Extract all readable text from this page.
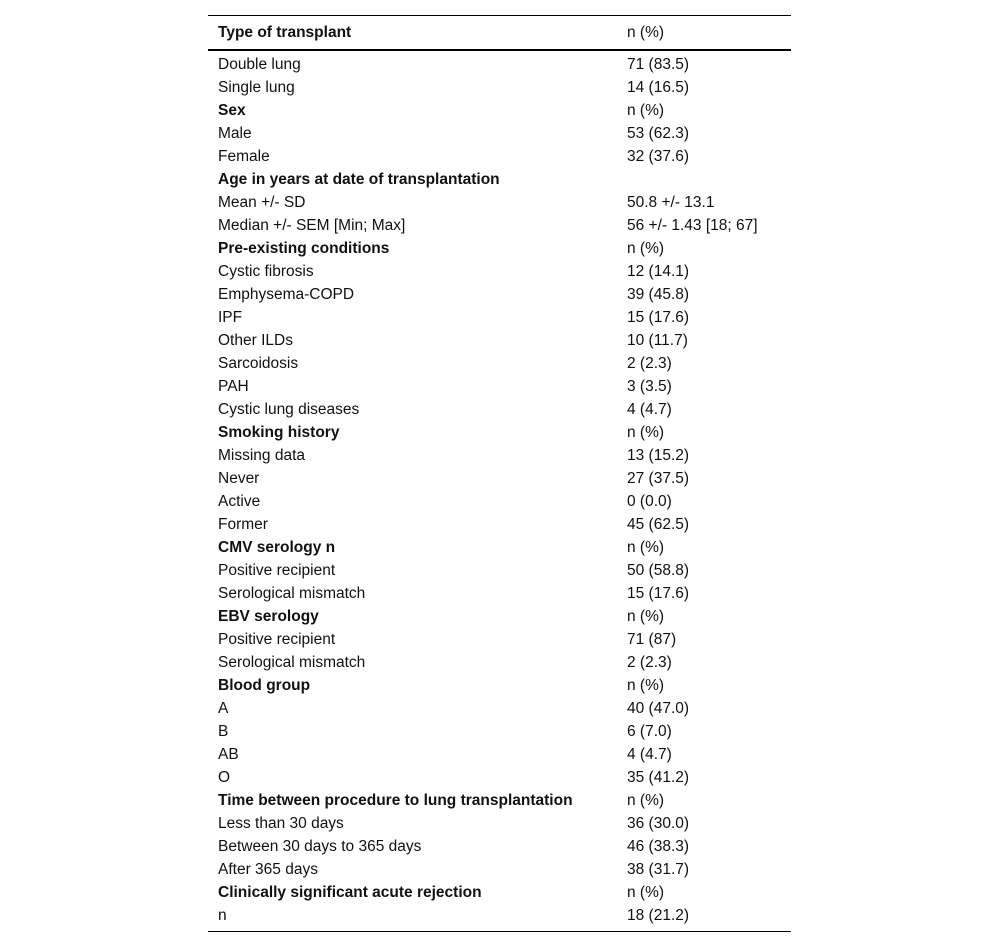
Type of transplant	n (%)
Double lung	71 (83.5)
Single lung	14 (16.5)
Sex	n (%)
Male	53 (62.3)
Female	32 (37.6)
Age in years at date of transplantation	
Mean +/- SD	50.8 +/- 13.1
Median +/- SEM [Min; Max]	56 +/- 1.43 [18; 67]
Pre-existing conditions	n (%)
Cystic fibrosis	12 (14.1)
Emphysema-COPD	39 (45.8)
IPF	15 (17.6)
Other ILDs	10 (11.7)
Sarcoidosis	2 (2.3)
PAH	3 (3.5)
Cystic lung diseases	4 (4.7)
Smoking history	n (%)
Missing data	13 (15.2)
Never	27 (37.5)
Active	0 (0.0)
Former	45 (62.5)
CMV serology n	n (%)
Positive recipient	50 (58.8)
Serological mismatch	15 (17.6)
EBV serology	n (%)
Positive recipient	71 (87)
Serological mismatch	2 (2.3)
Blood group	n (%)
A	40 (47.0)
B	6 (7.0)
AB	4 (4.7)
O	35 (41.2)
Time between procedure to lung transplantation	n (%)
Less than 30 days	36 (30.0)
Between 30 days to 365 days	46 (38.3)
After 365 days	38 (31.7)
Clinically significant acute rejection	n (%)
n	18 (21.2)
